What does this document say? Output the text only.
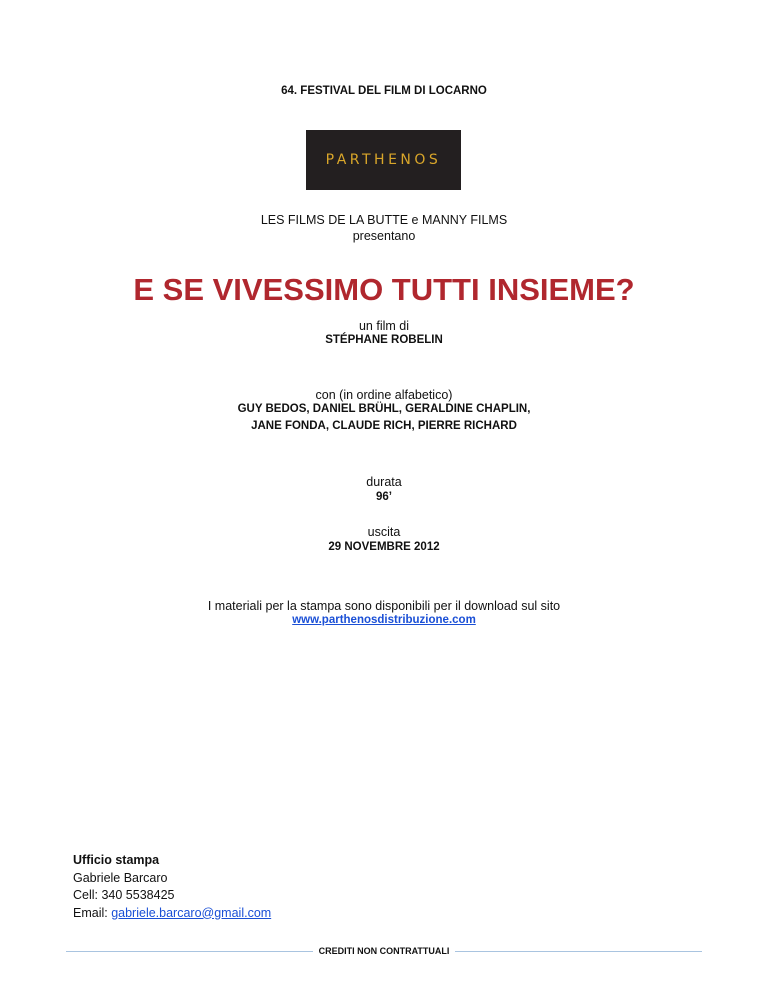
64. FESTIVAL DEL FILM DI LOCARNO
PARTHENOS
LES FILMS DE LA BUTTE e MANNY FILMS
presentano
E SE VIVESSIMO TUTTI INSIEME?
un film di
STÉPHANE ROBELIN
con (in ordine alfabetico)
GUY BEDOS, DANIEL BRÜHL, GERALDINE CHAPLIN,
JANE FONDA, CLAUDE RICH, PIERRE RICHARD
durata
96’
uscita
29 NOVEMBRE 2012
I materiali per la stampa sono disponibili per il download sul sito
www.parthenosdistribuzione.com
Ufficio stampa
Gabriele Barcaro
Cell: 340 5538425
Email: gabriele.barcaro@gmail.com
CREDITI NON CONTRATTUALI
